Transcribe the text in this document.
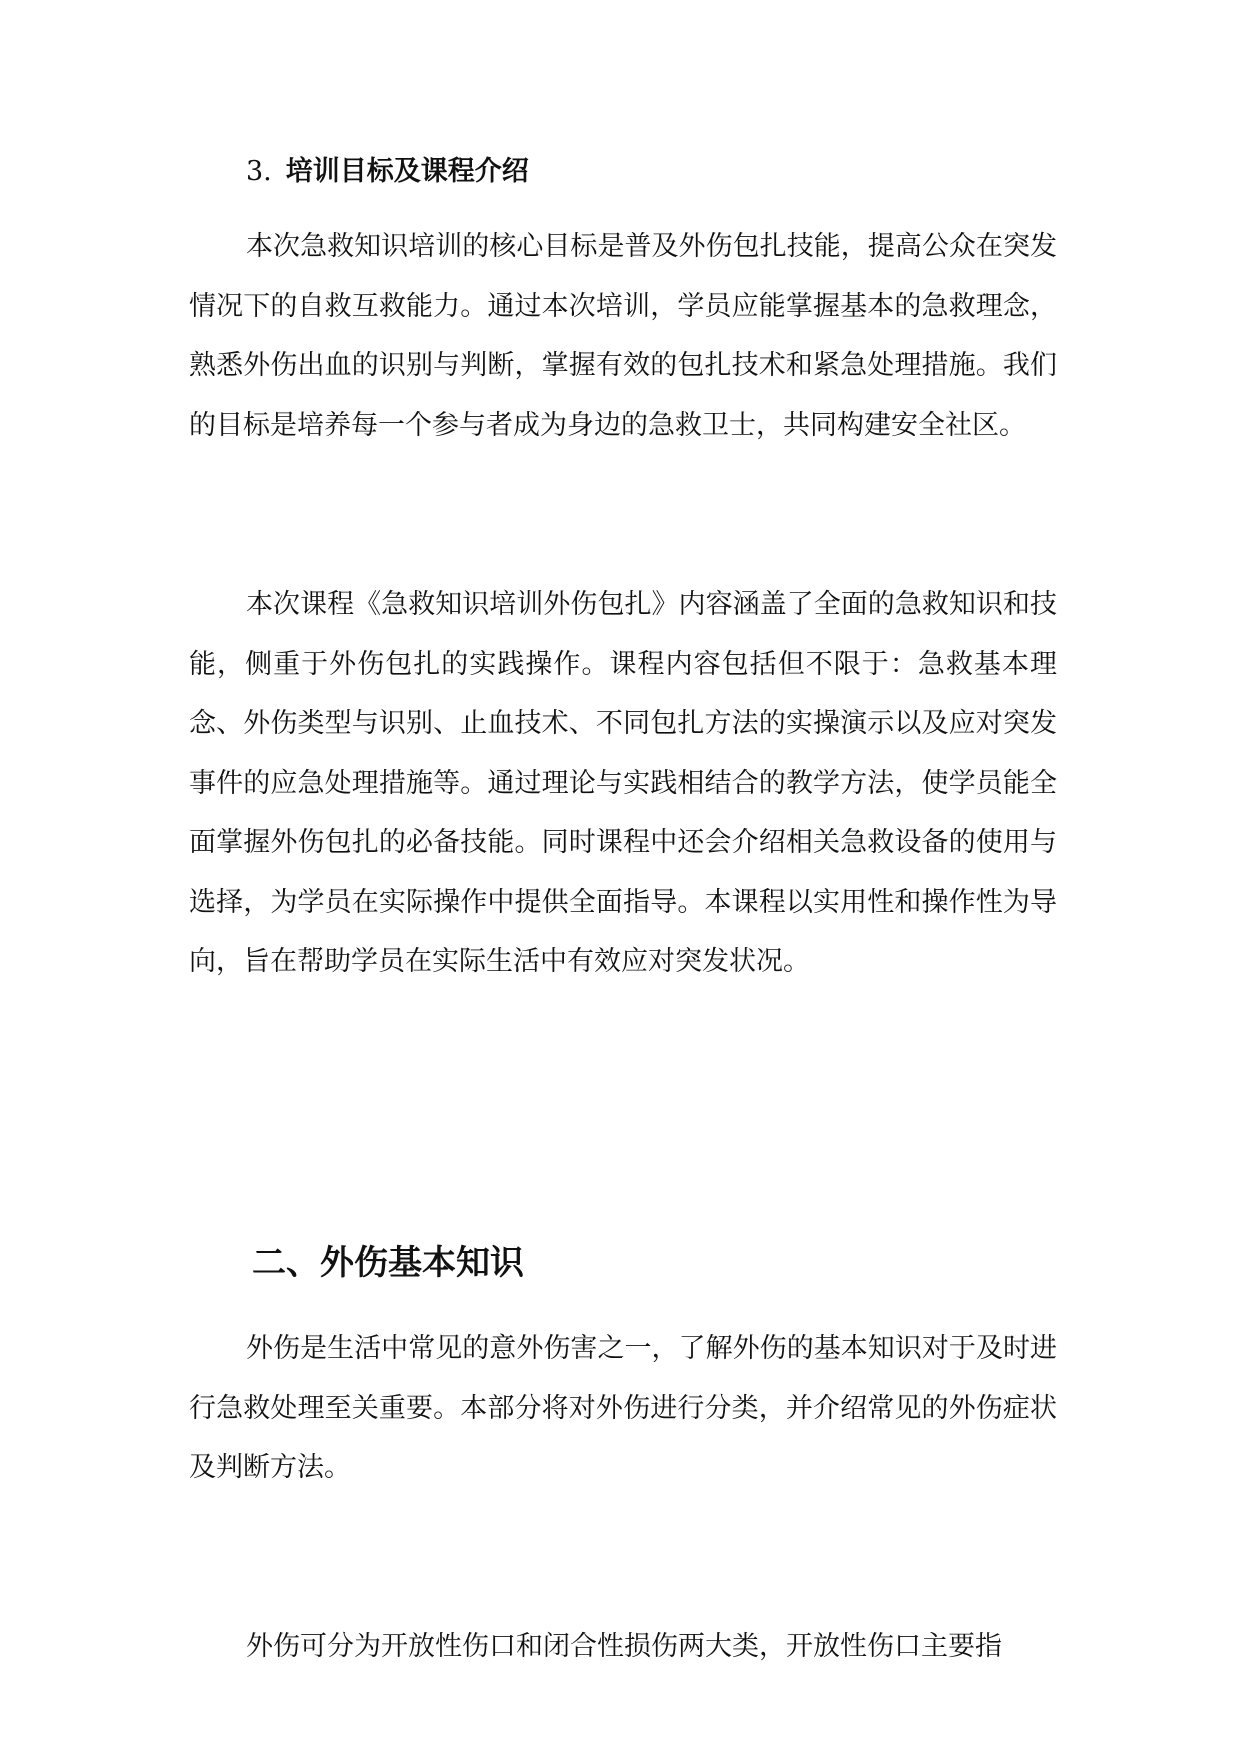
3. 培训目标及课程介绍

本次急救知识培训的核心目标是普及外伤包扎技能，提高公众在突发情况下的自救互救能力。通过本次培训，学员应能掌握基本的急救理念，熟悉外伤出血的识别与判断，掌握有效的包扎技术和紧急处理措施。我们的目标是培养每一个参与者成为身边的急救卫士，共同构建安全社区。

本次课程《急救知识培训外伤包扎》内容涵盖了全面的急救知识和技能，侧重于外伤包扎的实践操作。课程内容包括但不限于：急救基本理念、外伤类型与识别、止血技术、不同包扎方法的实操演示以及应对突发事件的应急处理措施等。通过理论与实践相结合的教学方法，使学员能全面掌握外伤包扎的必备技能。同时课程中还会介绍相关急救设备的使用与选择，为学员在实际操作中提供全面指导。本课程以实用性和操作性为导向，旨在帮助学员在实际生活中有效应对突发状况。

二、外伤基本知识

外伤是生活中常见的意外伤害之一，了解外伤的基本知识对于及时进行急救处理至关重要。本部分将对外伤进行分类，并介绍常见的外伤症状及判断方法。

外伤可分为开放性伤口和闭合性损伤两大类，开放性伤口主要指
